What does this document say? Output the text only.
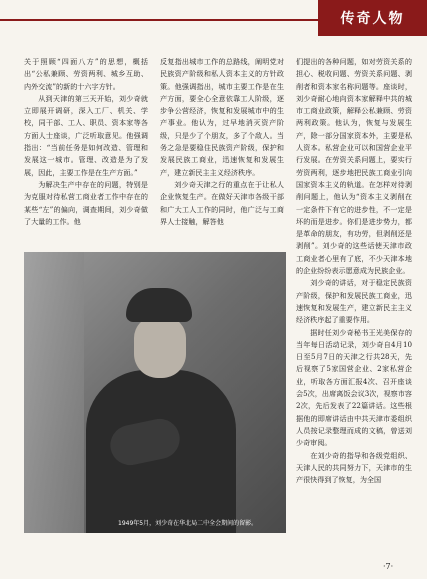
传奇人物

关于照顾“四面八方”的思想，概括出“公私兼顾、劳资两利、城乡互助、内外交流”的新的十六字方针。

从到天津的第三天开始，刘少奇就立即展开调研，深入工厂、机关、学校，同干部、工人、职员、资本家等各方面人士座谈，广泛听取意见。他强调指出：“当前任务是如何改造、管理和发展这一城市。管理、改造是为了发展，因此，主要工作是在生产方面。”

为解决生产中存在的问题，特别是为克服对待私营工商业者工作中存在的某些“左”的偏向，调查期间，刘少奇做了大量的工作。他

反复指出城市工作的总路线，阐明党对民族资产阶级和私人资本主义的方针政策。他强调指出，城市主要工作是在生产方面，要全心全意依靠工人阶级，逐步争公营经济，恢复和发展城市中的生产事业。他认为，过早地消灭资产阶级，只是少了个朋友，多了个敌人。当务之急是要稳住民族资产阶级，保护和发展民族工商业，迅速恢复和发展生产，建立新民主主义经济秩序。

刘少奇天津之行的重点在于让私人企业恢复生产。在做好天津市各级干部和广大工人工作的同时，他广泛与工商界人士接触，解答他

们提出的各种问题，如对劳资关系的担心、税收问题、劳资关系问题、剥削者和资本家名称问题等。座谈时，刘少奇耐心地向资本家解释中共的城市工商业政策，解释公私兼顾、劳资两利政策。他认为，恢复与发展生产，除一部分国家资本外，主要是私人资本。私营企业可以和国营企业平行发展。在劳资关系问题上，要实行劳资两利，逐步地把民族工商业引向国家资本主义的轨道。在怎样对待剥削问题上，他认为“资本主义剥削在一定条件下有它的进步性，不一定是坏的而是进步。你们是进步势力，都是革命的朋友，有功劳，但剥削还是剥削”。刘少奇的这些话使天津市政工商业者心里有了底，不少天津本地的企业纷纷表示愿意成为民族企业。

刘少奇的讲话，对于稳定民族资产阶级，保护和发展民族工商业，迅速恢复和发展生产，建立新民主主义经济秩序起了重要作用。

据时任刘少奇秘书王光美保存的当年每日活动记录，刘少奇自4月10日至5月7日的天津之行共28天，先后视察了5家国营企业、2家私营企业，听取各方面汇报4次、召开座谈会5次，出席离饭会议3次，视察市容2次，先后发表了22篇讲话。这些根据他的即席讲话由中共天津市委组织人员按记录整理而成的文稿，曾送刘少奇审阅。

在刘少奇的指导和各级党组织、天津人民的共同努力下，天津市的生产很快得到了恢复，为全国

1949年5月，刘少奇在华北局二中全会期间的留影。
·7·
